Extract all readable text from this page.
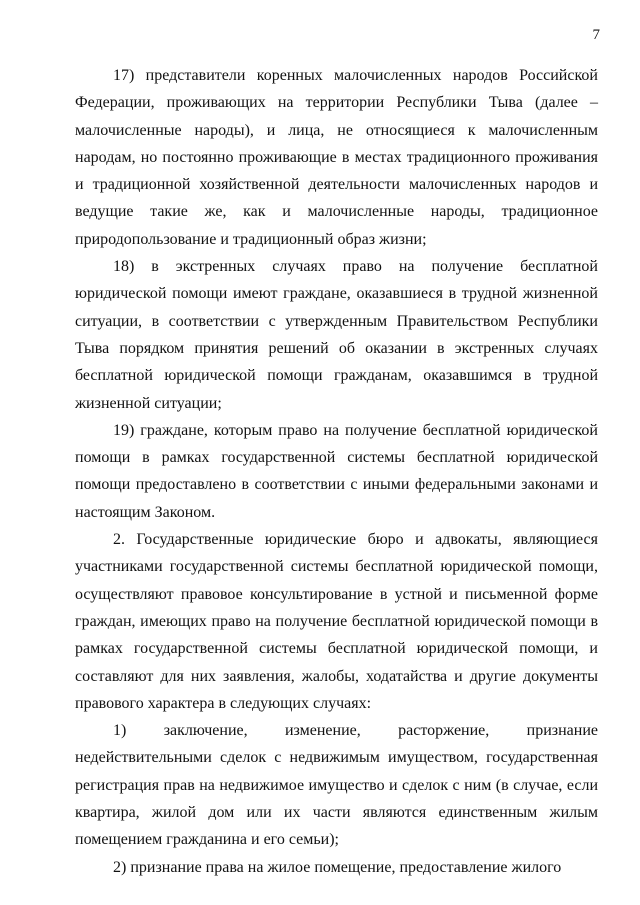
7

17) представители коренных малочисленных народов Российской Федерации, проживающих на территории Республики Тыва (далее – малочисленные народы), и лица, не относящиеся к малочисленным народам, но постоянно проживающие в местах традиционного проживания и традиционной хозяйственной деятельности малочисленных народов и ведущие такие же, как и малочисленные народы, традиционное природопользование и традиционный образ жизни;

18) в экстренных случаях право на получение бесплатной юридической помощи имеют граждане, оказавшиеся в трудной жизненной ситуации, в соответствии с утвержденным Правительством Республики Тыва порядком принятия решений об оказании в экстренных случаях бесплатной юридической помощи гражданам, оказавшимся в трудной жизненной ситуации;

19) граждане, которым право на получение бесплатной юридической помощи в рамках государственной системы бесплатной юридической помощи предоставлено в соответствии с иными федеральными законами и настоящим Законом.

2. Государственные юридические бюро и адвокаты, являющиеся участниками государственной системы бесплатной юридической помощи, осуществляют правовое консультирование в устной и письменной форме граждан, имеющих право на получение бесплатной юридической помощи в рамках государственной системы бесплатной юридической помощи, и составляют для них заявления, жалобы, ходатайства и другие документы правового характера в следующих случаях:

1) заключение, изменение, расторжение, признание недействительными сделок с недвижимым имуществом, государственная регистрация прав на недвижимое имущество и сделок с ним (в случае, если квартира, жилой дом или их части являются единственным жилым помещением гражданина и его семьи);

2) признание права на жилое помещение, предоставление жилого
